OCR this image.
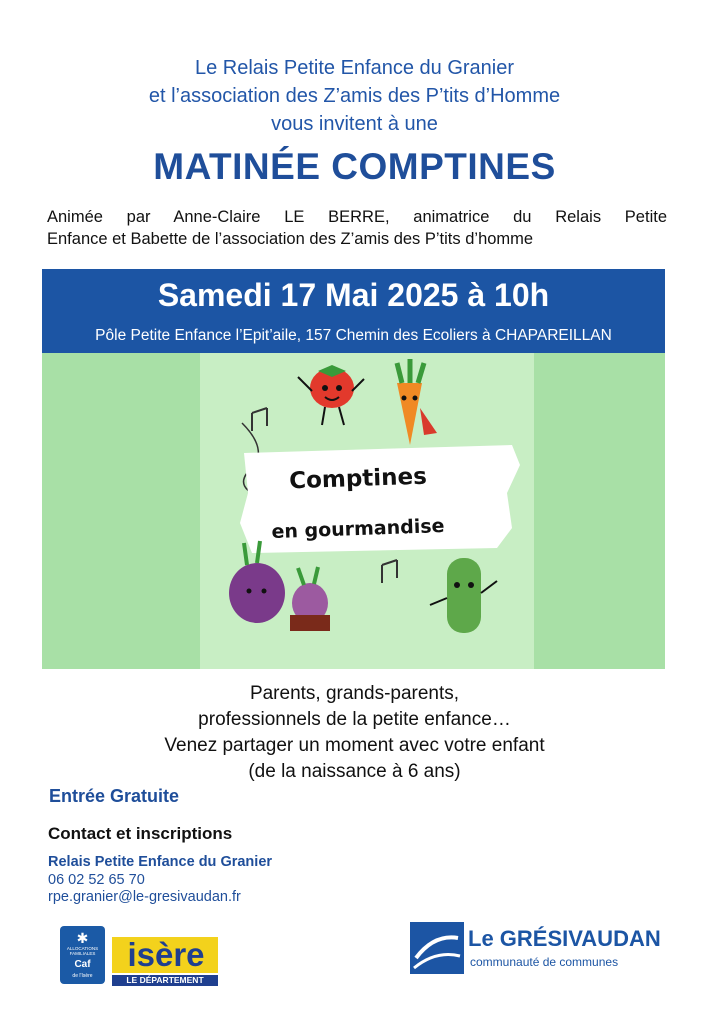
Le Relais Petite Enfance du Granier
et l’association des Z’amis des P’tits d’Homme
vous invitent à une
MATINÉE COMPTINES
Animée par Anne-Claire LE BERRE, animatrice du Relais Petite
Enfance et Babette de l’association des Z’amis des P’tits d’homme
Samedi 17 Mai 2025 à 10h
Pôle Petite Enfance l’Epit’aile, 157 Chemin des Ecoliers à CHAPAREILLAN
Comptines
en gourmandise
Parents, grands-parents,
professionnels de la petite enfance…
Venez partager un moment avec votre enfant
(de la naissance à 6 ans)
Entrée Gratuite
Contact et inscriptions
Relais Petite Enfance du Granier
06 02 52 65 70
rpe.granier@le-gresivaudan.fr
✱
ALLOCATIONS
FAMILIALES
Caf
de l'Isère
isère
LE DÉPARTEMENT
Le GRÉSIVAUDAN
communauté de communes
